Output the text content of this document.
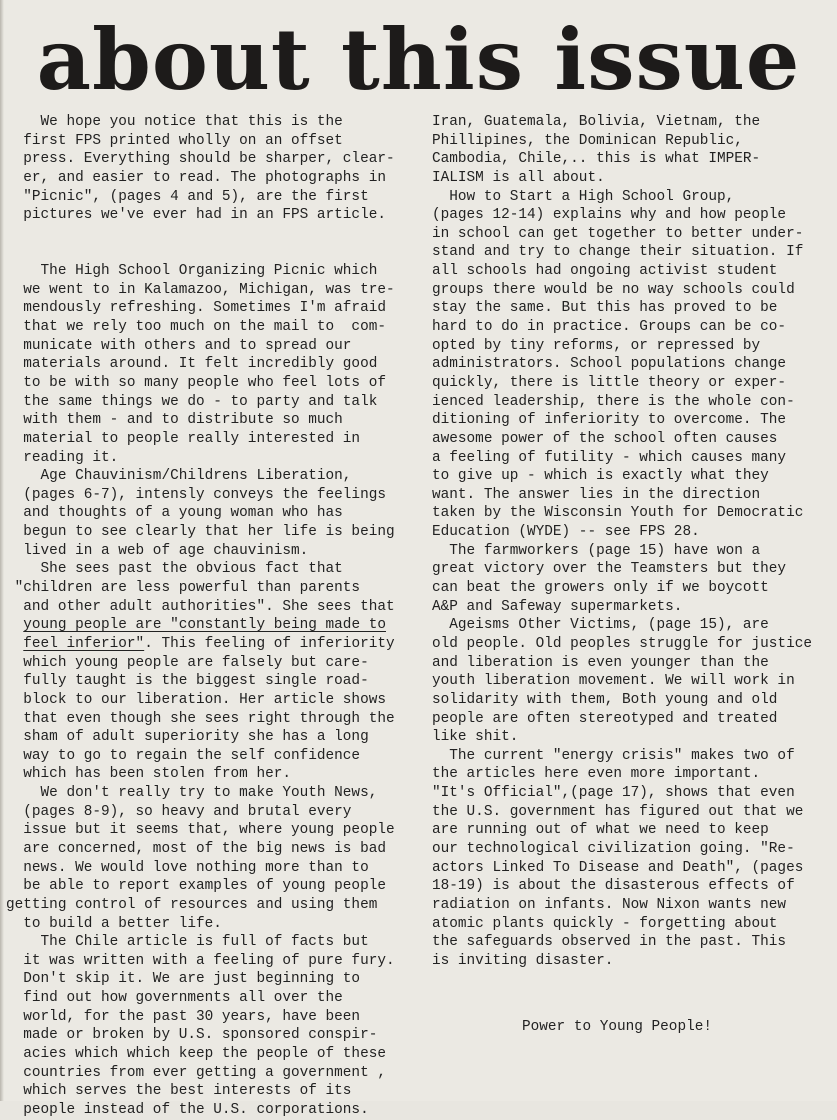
about this issue
We hope you notice that this is the
first FPS printed wholly on an offset
press. Everything should be sharper, clear-
er, and easier to read. The photographs in
"Picnic", (pages 4 and 5), are the first
pictures we've ever had in an FPS article.

The High School Organizing Picnic which
we went to in Kalamazoo, Michigan, was tre-
mendously refreshing. Sometimes I'm afraid
that we rely too much on the mail to  com-
municate with others and to spread our
materials around. It felt incredibly good
to be with so many people who feel lots of
the same things we do - to party and talk
with them - and to distribute so much
material to people really interested in
reading it.
Age Chauvinism/Childrens Liberation,
(pages 6-7), intensly conveys the feelings
and thoughts of a young woman who has
begun to see clearly that her life is being
lived in a web of age chauvinism.
She sees past the obvious fact that
"children are less powerful than parents
and other adult authorities". She sees that
young people are "constantly being made to
feel inferior". This feeling of inferiority
which young people are falsely but care-
fully taught is the biggest single road-
block to our liberation. Her article shows
that even though she sees right through the
sham of adult superiority she has a long
way to go to regain the self confidence
which has been stolen from her.
We don't really try to make Youth News,
(pages 8-9), so heavy and brutal every
issue but it seems that, where young people
are concerned, most of the big news is bad
news. We would love nothing more than to
be able to report examples of young people
getting control of resources and using them
to build a better life.
The Chile article is full of facts but
it was written with a feeling of pure fury.
Don't skip it. We are just beginning to
find out how governments all over the
world, for the past 30 years, have been
made or broken by U.S. sponsored conspir-
acies which which keep the people of these
countries from ever getting a government ,
which serves the best interests of its
people instead of the U.S. corporations.
Iran, Guatemala, Bolivia, Vietnam, the
Phillipines, the Dominican Republic,
Cambodia, Chile,.. this is what IMPER-
IALISM is all about.
How to Start a High School Group,
(pages 12-14) explains why and how people
in school can get together to better under-
stand and try to change their situation. If
all schools had ongoing activist student
groups there would be no way schools could
stay the same. But this has proved to be
hard to do in practice. Groups can be co-
opted by tiny reforms, or repressed by
administrators. School populations change
quickly, there is little theory or exper-
ienced leadership, there is the whole con-
ditioning of inferiority to overcome. The
awesome power of the school often causes
a feeling of futility - which causes many
to give up - which is exactly what they
want. The answer lies in the direction
taken by the Wisconsin Youth for Democratic
Education (WYDE) -- see FPS 28.
The farmworkers (page 15) have won a
great victory over the Teamsters but they
can beat the growers only if we boycott
A&P and Safeway supermarkets.
Ageisms Other Victims, (page 15), are
old people. Old peoples struggle for justice
and liberation is even younger than the
youth liberation movement. We will work in
solidarity with them, Both young and old
people are often stereotyped and treated
like shit.
The current "energy crisis" makes two of
the articles here even more important.
"It's Official",(page 17), shows that even
the U.S. government has figured out that we
are running out of what we need to keep
our technological civilization going. "Re-
actors Linked To Disease and Death", (pages
18-19) is about the disasterous effects of
radiation on infants. Now Nixon wants new
atomic plants quickly - forgetting about
the safeguards observed in the past. This
is inviting disaster.
Power to Young People!
